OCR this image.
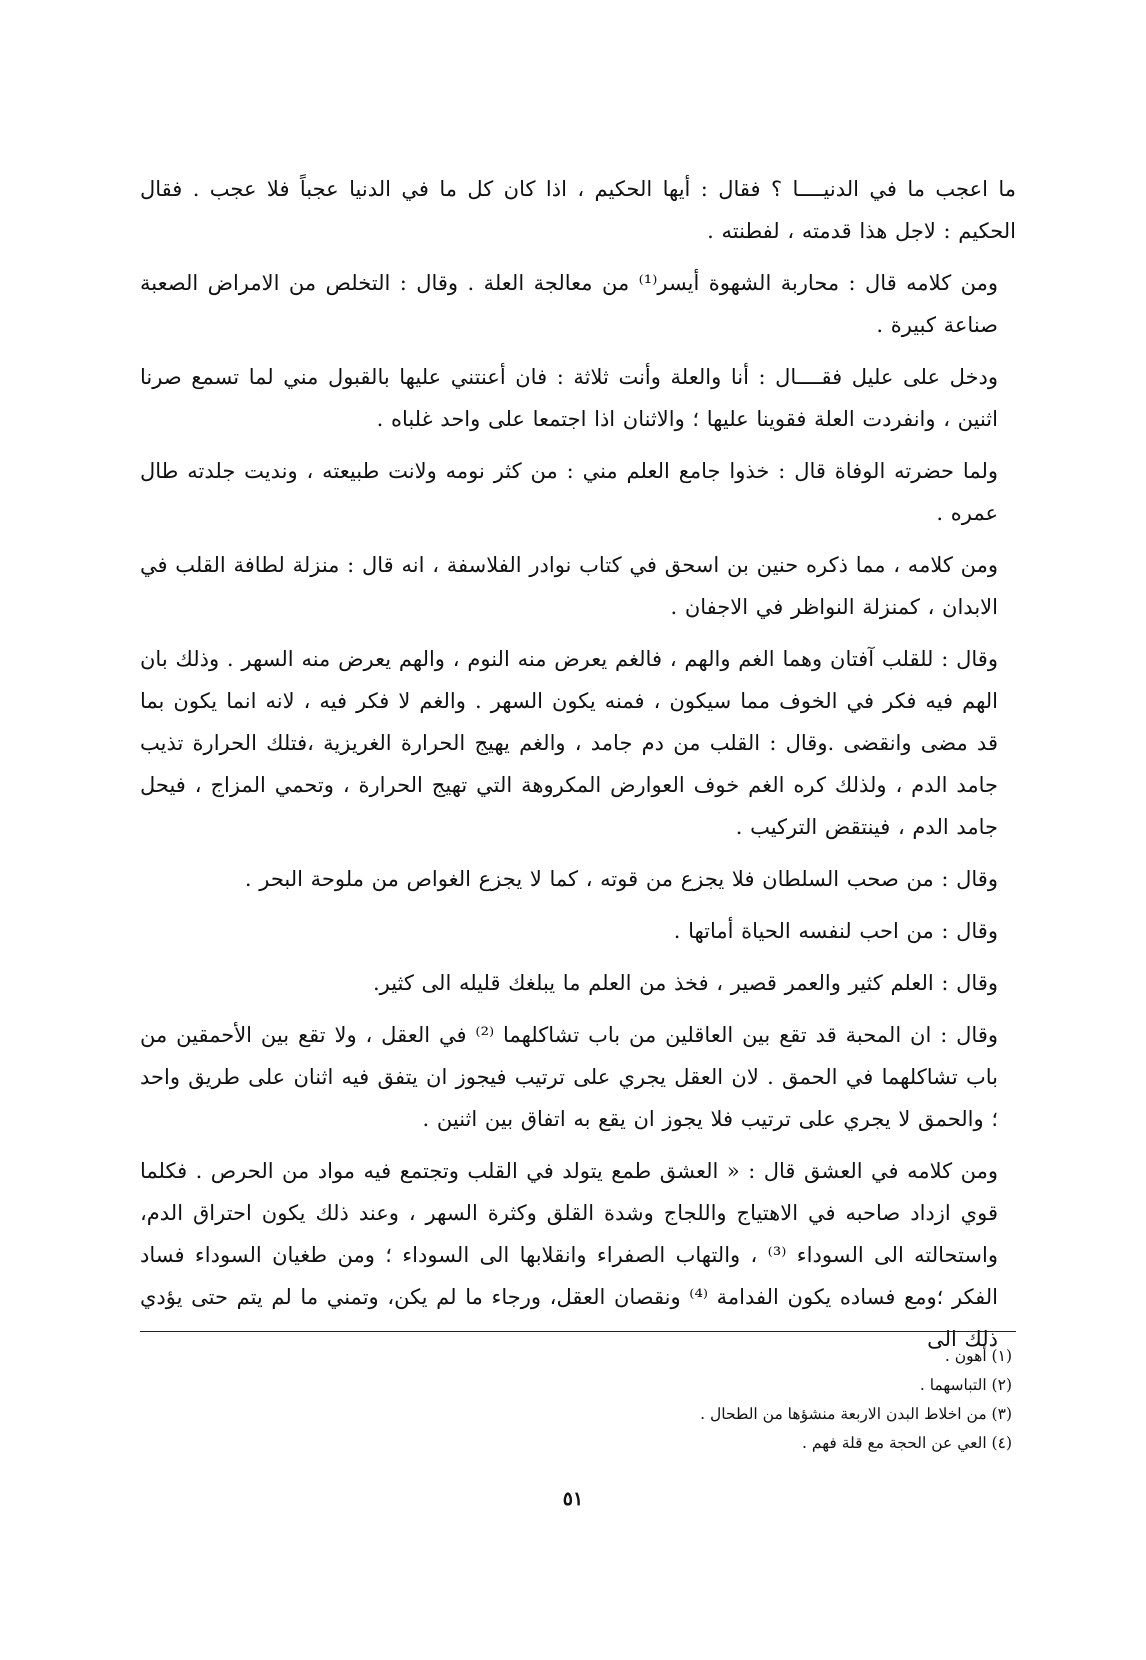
ما اعجب ما في الدنيــــا ؟ فقال : أيها الحكيم ، اذا كان كل ما في الدنيا عجباً فلا عجب . فقال الحكيم : لاجل هذا قدمته ، لفطنته .

ومن كلامه قال : محاربة الشهوة أيسر⁽¹⁾ من معالجة العلة . وقال : التخلص من الامراض الصعبة صناعة كبيرة .

ودخل على عليل فقــــال : أنا والعلة وأنت ثلاثة : فان أعنتني عليها بالقبول مني لما تسمع صرنا اثنين ، وانفردت العلة فقوينا عليها ؛ والاثنان اذا اجتمعا على واحد غلباه .

ولما حضرته الوفاة قال : خذوا جامع العلم مني : من كثر نومه ولانت طبيعته ، ونديت جلدته طال عمره .

ومن كلامه ، مما ذكره حنين بن اسحق في كتاب نوادر الفلاسفة ، انه قال : منزلة لطافة القلب في الابدان ، كمنزلة النواظر في الاجفان .

وقال : للقلب آفتان وهما الغم والهم ، فالغم يعرض منه النوم ، والهم يعرض منه السهر . وذلك بان الهم فيه فكر في الخوف مما سيكون ، فمنه يكون السهر . والغم لا فكر فيه ، لانه انما يكون بما قد مضى وانقضى .وقال : القلب من دم جامد ، والغم يهيج الحرارة الغريزية ،فتلك الحرارة تذيب جامد الدم ، ولذلك كره الغم خوف العوارض المكروهة التي تهيج الحرارة ، وتحمي المزاج ، فيحل جامد الدم ، فينتقض التركيب .

وقال : من صحب السلطان فلا يجزع من قوته ، كما لا يجزع الغواص من ملوحة البحر .

وقال : من احب لنفسه الحياة أماتها .

وقال : العلم كثير والعمر قصير ، فخذ من العلم ما يبلغك قليله الى كثير.

وقال : ان المحبة قد تقع بين العاقلين من باب تشاكلهما ⁽²⁾ في العقل ، ولا تقع بين الأحمقين من باب تشاكلهما في الحمق . لان العقل يجري على ترتيب فيجوز ان يتفق فيه اثنان على طريق واحد ؛ والحمق لا يجري على ترتيب فلا يجوز ان يقع به اتفاق بين اثنين .

ومن كلامه في العشق قال : « العشق طمع يتولد في القلب وتجتمع فيه مواد من الحرص . فكلما قوي ازداد صاحبه في الاهتياج واللجاج وشدة القلق وكثرة السهر ، وعند ذلك يكون احتراق الدم، واستحالته الى السوداء ⁽³⁾ ، والتهاب الصفراء وانقلابها الى السوداء ؛ ومن طغيان السوداء فساد الفكر ؛ومع فساده يكون الفدامة ⁽⁴⁾ ونقصان العقل، ورجاء ما لم يكن، وتمني ما لم يتم حتى يؤدي ذلك الى

(١) أهون .
(٢) التباسهما .
(٣) من اخلاط البدن الاربعة منشؤها من الطحال .
(٤) العي عن الحجة مع قلة فهم .
٥١
